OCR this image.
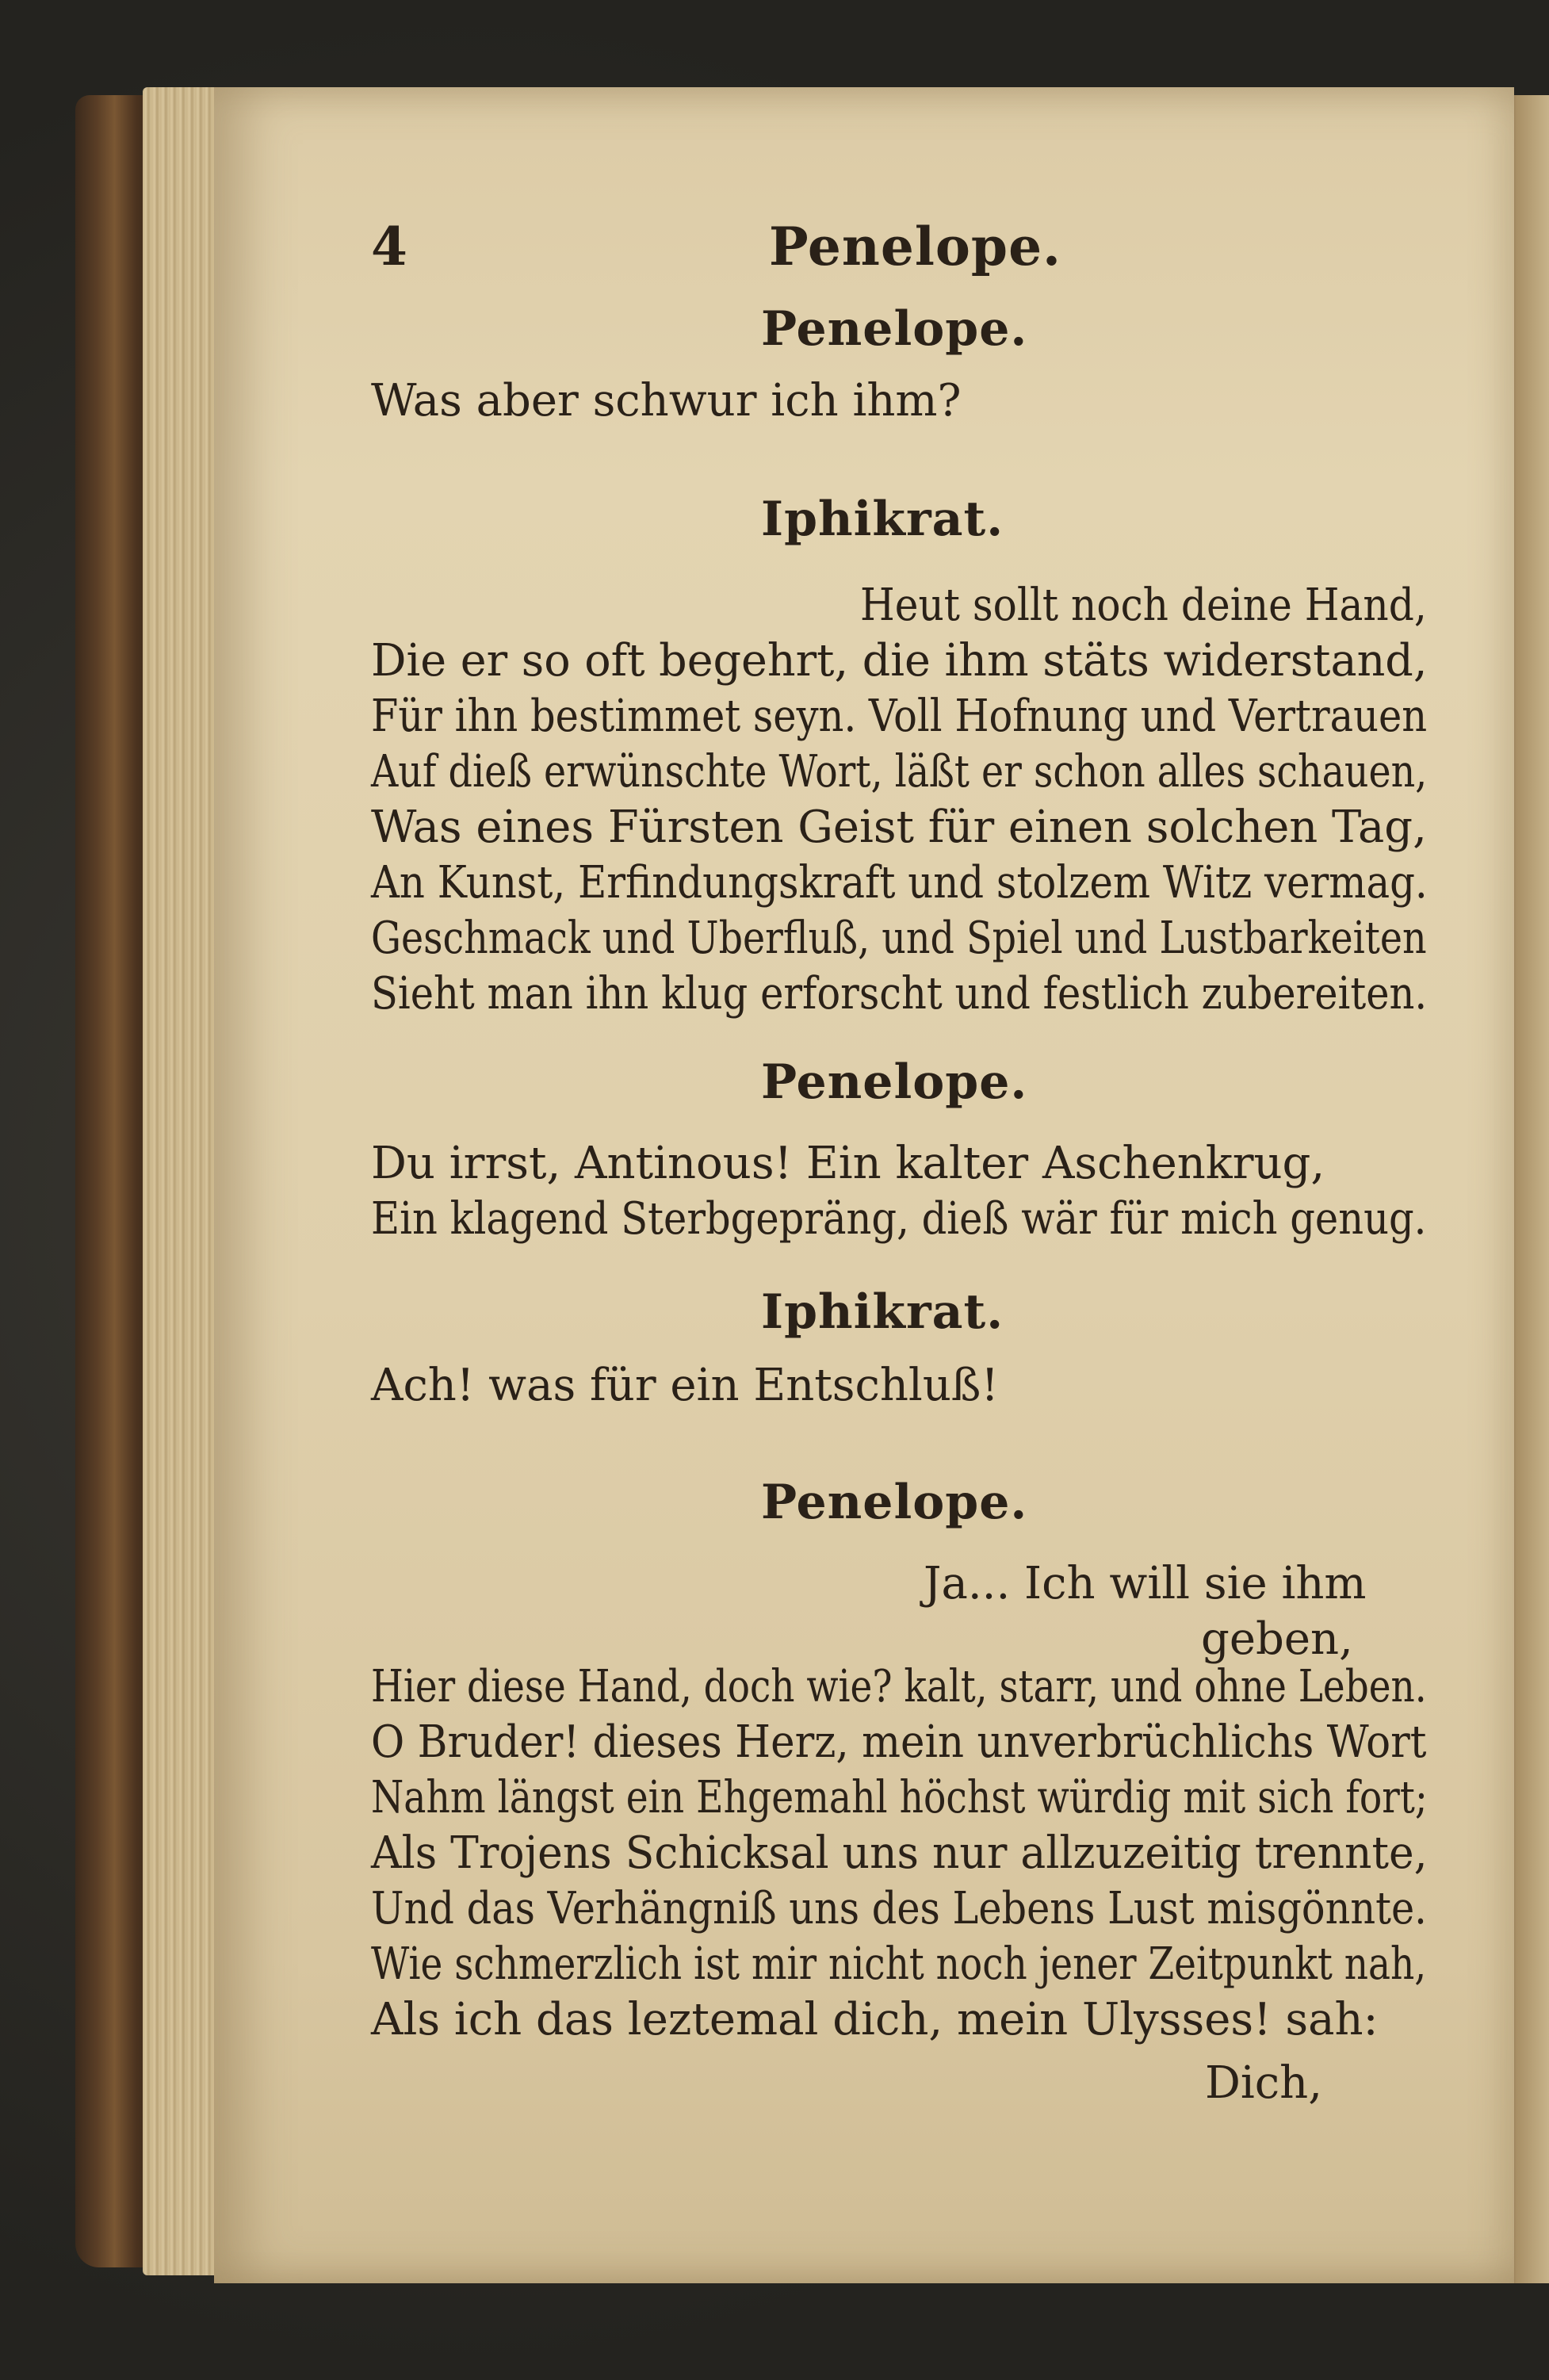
4	Penelope.
Penelope.
Was aber schwur ich ihm?
Iphikrat.
Heut sollt noch deine Hand,
Die er so oft begehrt, die ihm stäts widerstand,
Für ihn bestimmet seyn. Voll Hofnung und Vertrauen
Auf dieß erwünschte Wort, läßt er schon alles schauen,
Was eines Fürsten Geist für einen solchen Tag,
An Kunst, Erfindungskraft und stolzem Witz vermag.
Geschmack und Uberfluß, und Spiel und Lustbarkeiten
Sieht man ihn klug erforscht und festlich zubereiten.
Penelope.
Du irrst, Antinous! Ein kalter Aschenkrug,
Ein klagend Sterbgepräng, dieß wär für mich genug.
Iphikrat.
Ach! was für ein Entschluß!
Penelope.
Ja... Ich will sie ihm
geben,
Hier diese Hand, doch wie? kalt, starr, und ohne Leben.
O Bruder! dieses Herz, mein unverbrüchlichs Wort
Nahm längst ein Ehgemahl höchst würdig mit sich fort;
Als Trojens Schicksal uns nur allzuzeitig trennte,
Und das Verhängniß uns des Lebens Lust misgönnte.
Wie schmerzlich ist mir nicht noch jener Zeitpunkt nah,
Als ich das leztemal dich, mein Ulysses! sah:
Dich,
